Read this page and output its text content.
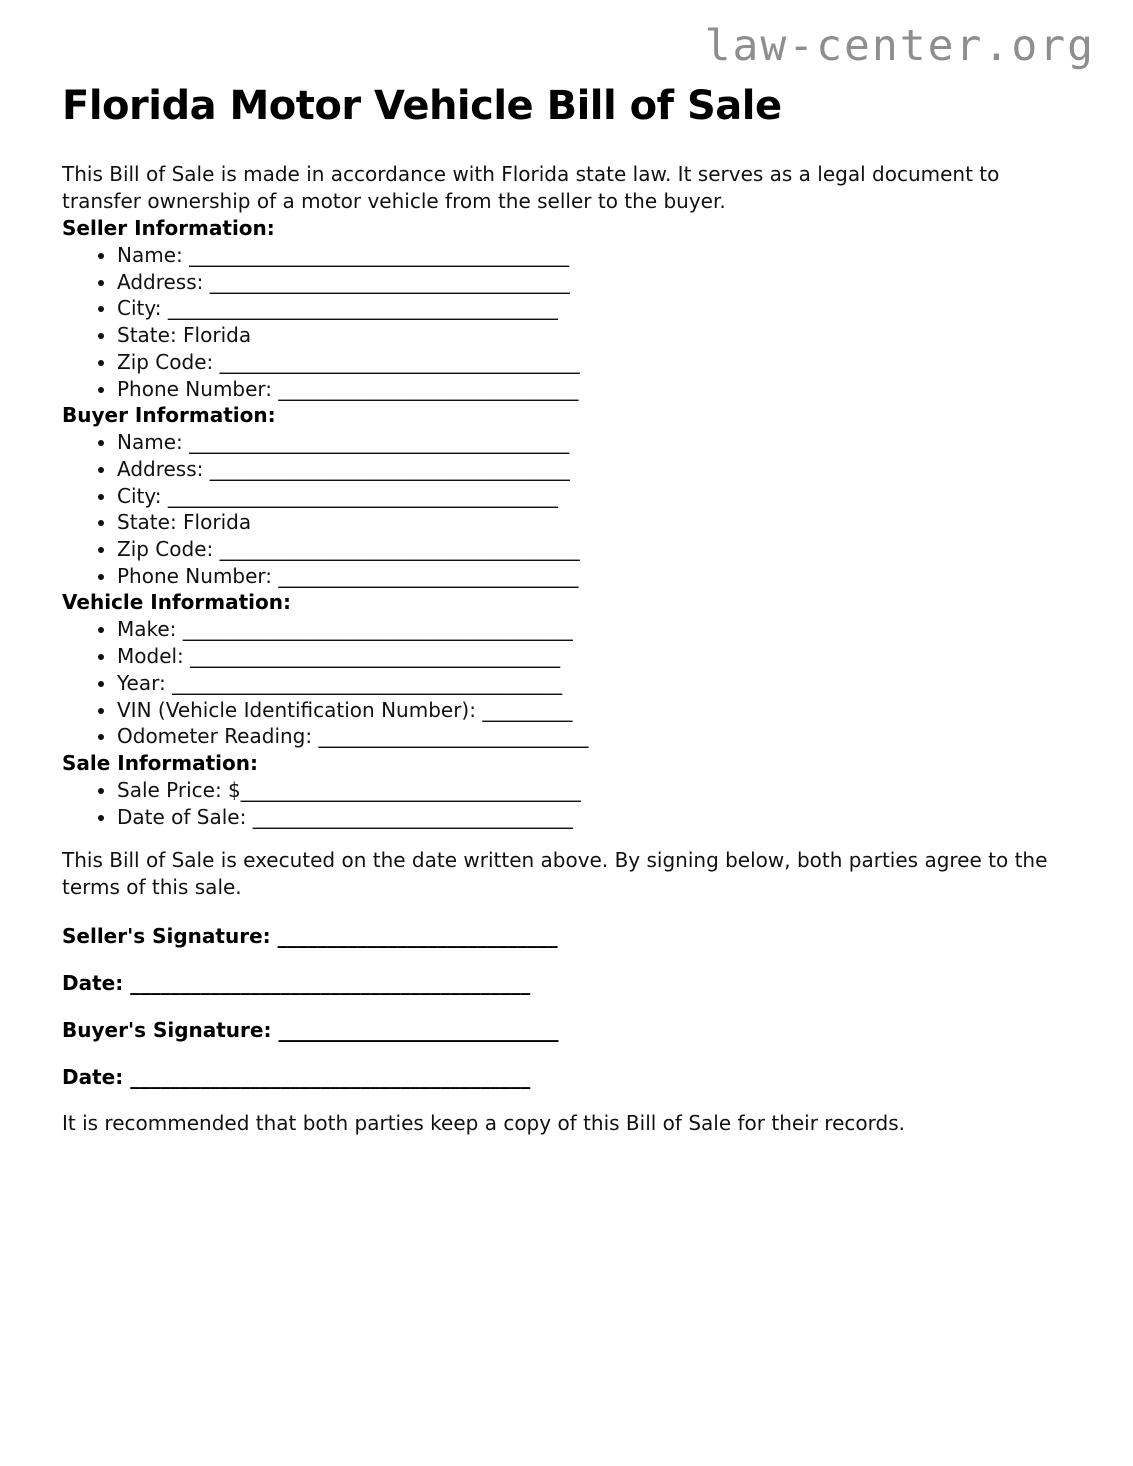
law-center.org
Florida Motor Vehicle Bill of Sale

This Bill of Sale is made in accordance with Florida state law. It serves as a legal document to transfer ownership of a motor vehicle from the seller to the buyer.

Seller Information:
• Name: ______________________________________
• Address: ____________________________________
• City: _______________________________________
• State: Florida
• Zip Code: ____________________________________
• Phone Number: ______________________________
Buyer Information:
• Name: ______________________________________
• Address: ____________________________________
• City: _______________________________________
• State: Florida
• Zip Code: ____________________________________
• Phone Number: ______________________________
Vehicle Information:
• Make: _______________________________________
• Model: _____________________________________
• Year: _______________________________________
• VIN (Vehicle Identification Number): _________
• Odometer Reading: ___________________________
Sale Information:
• Sale Price: $__________________________________
• Date of Sale: ________________________________

This Bill of Sale is executed on the date written above. By signing below, both parties agree to the terms of this sale.

Seller's Signature: ____________________________

Date: ________________________________________

Buyer's Signature: ____________________________

Date: ________________________________________

It is recommended that both parties keep a copy of this Bill of Sale for their records.
